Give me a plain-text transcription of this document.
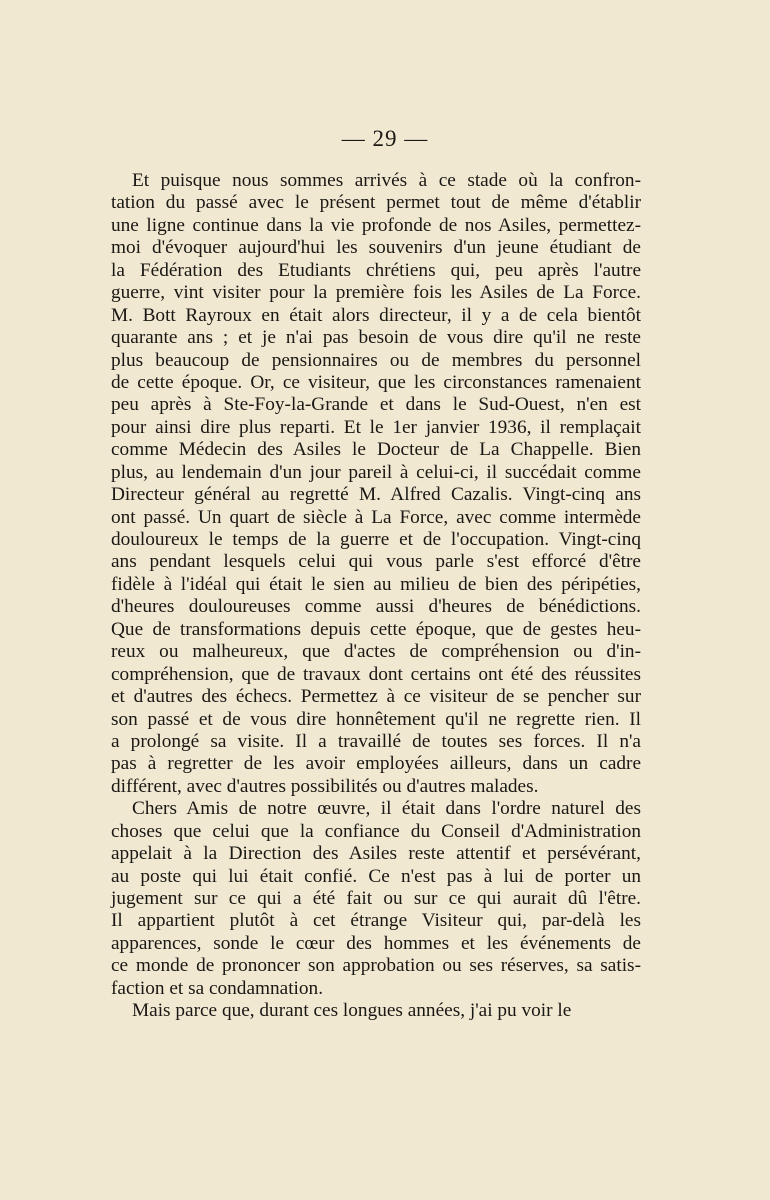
— 29 —
Et puisque nous sommes arrivés à ce stade où la confron-
tation du passé avec le présent permet tout de même d'établir
une ligne continue dans la vie profonde de nos Asiles, permettez-
moi d'évoquer aujourd'hui les souvenirs d'un jeune étudiant de
la Fédération des Etudiants chrétiens qui, peu après l'autre
guerre, vint visiter pour la première fois les Asiles de La Force.
M. Bott Rayroux en était alors directeur, il y a de cela bientôt
quarante ans ; et je n'ai pas besoin de vous dire qu'il ne reste
plus beaucoup de pensionnaires ou de membres du personnel
de cette époque. Or, ce visiteur, que les circonstances ramenaient
peu après à Ste-Foy-la-Grande et dans le Sud-Ouest, n'en est
pour ainsi dire plus reparti. Et le 1er janvier 1936, il remplaçait
comme Médecin des Asiles le Docteur de La Chappelle. Bien
plus, au lendemain d'un jour pareil à celui-ci, il succédait comme
Directeur général au regretté M. Alfred Cazalis. Vingt-cinq ans
ont passé. Un quart de siècle à La Force, avec comme intermède
douloureux le temps de la guerre et de l'occupation. Vingt-cinq
ans pendant lesquels celui qui vous parle s'est efforcé d'être
fidèle à l'idéal qui était le sien au milieu de bien des péripéties,
d'heures douloureuses comme aussi d'heures de bénédictions.
Que de transformations depuis cette époque, que de gestes heu-
reux ou malheureux, que d'actes de compréhension ou d'in-
compréhension, que de travaux dont certains ont été des réussites
et d'autres des échecs. Permettez à ce visiteur de se pencher sur
son passé et de vous dire honnêtement qu'il ne regrette rien. Il
a prolongé sa visite. Il a travaillé de toutes ses forces. Il n'a
pas à regretter de les avoir employées ailleurs, dans un cadre
différent, avec d'autres possibilités ou d'autres malades.
Chers Amis de notre œuvre, il était dans l'ordre naturel des
choses que celui que la confiance du Conseil d'Administration
appelait à la Direction des Asiles reste attentif et persévérant,
au poste qui lui était confié. Ce n'est pas à lui de porter un
jugement sur ce qui a été fait ou sur ce qui aurait dû l'être.
Il appartient plutôt à cet étrange Visiteur qui, par-delà les
apparences, sonde le cœur des hommes et les événements de
ce monde de prononcer son approbation ou ses réserves, sa satis-
faction et sa condamnation.
Mais parce que, durant ces longues années, j'ai pu voir le
